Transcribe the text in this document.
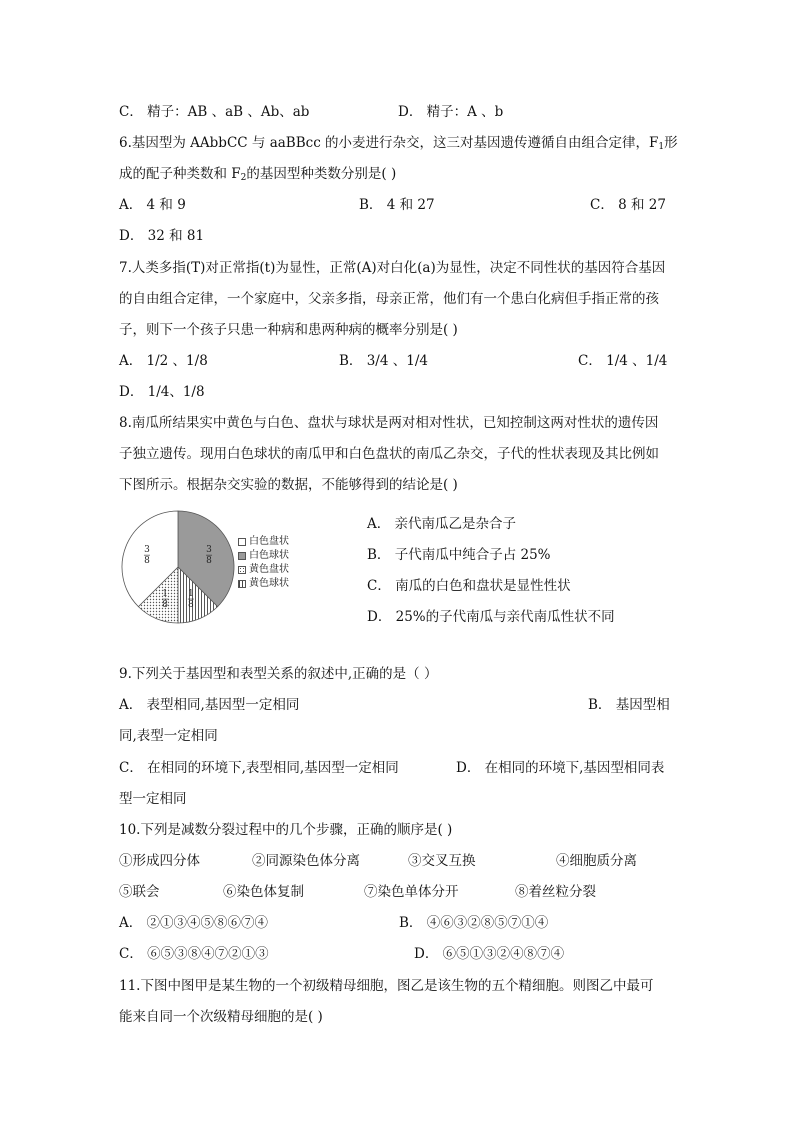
C． 精子：AB 、aB 、Ab、ab	D． 精子：A 、b
6.基因型为 AAbbCC 与 aaBBcc 的小麦进行杂交，这三对基因遗传遵循自由组合定律，$F_1$形
成的配子种类数和 $F_2$的基因型种类数分别是( )
A． 4 和 9	B． 4 和 27	C． 8 和 27
D． 32 和 81
7.人类多指(T)对正常指(t)为显性，正常(A)对白化(a)为显性，决定不同性状的基因符合基因
的自由组合定律，一个家庭中，父亲多指，母亲正常，他们有一个患白化病但手指正常的孩
子，则下一个孩子只患一种病和患两种病的概率分别是( )
A． 1/2 、1/8	B． 3/4 、1/4	C． 1/4 、1/4
D． 1/4、1/8
8.南瓜所结果实中黄色与白色、盘状与球状是两对相对性状，已知控制这两对性状的遗传因
子独立遗传。现用白色球状的南瓜甲和白色盘状的南瓜乙杂交，子代的性状表现及其比例如
下图所示。根据杂交实验的数据，不能够得到的结论是( )
3
8
1
8
1
8
3
8
白色盘状
白色球状
黄色盘状
黄色球状
A． 亲代南瓜乙是杂合子
B． 子代南瓜中纯合子占 25%
C． 南瓜的白色和盘状是显性性状
D． 25%的子代南瓜与亲代南瓜性状不同
9.下列关于基因型和表型关系的叙述中,正确的是（ ）
A． 表型相同,基因型一定相同	B． 基因型相
同,表型一定相同
C． 在相同的环境下,表型相同,基因型一定相同	D． 在相同的环境下,基因型相同表
型一定相同
10.下列是减数分裂过程中的几个步骤，正确的顺序是( )
①形成四分体	②同源染色体分离	③交叉互换	④细胞质分离
⑤联会	⑥染色体复制	⑦染色单体分开	⑧着丝粒分裂
A． ②①③④⑤⑧⑥⑦④	B． ④⑥③②⑧⑤⑦①④
C． ⑥⑤③⑧④⑦②①③	D． ⑥⑤①③②④⑧⑦④
11.下图中图甲是某生物的一个初级精母细胞，图乙是该生物的五个精细胞。则图乙中最可
能来自同一个次级精母细胞的是( )
